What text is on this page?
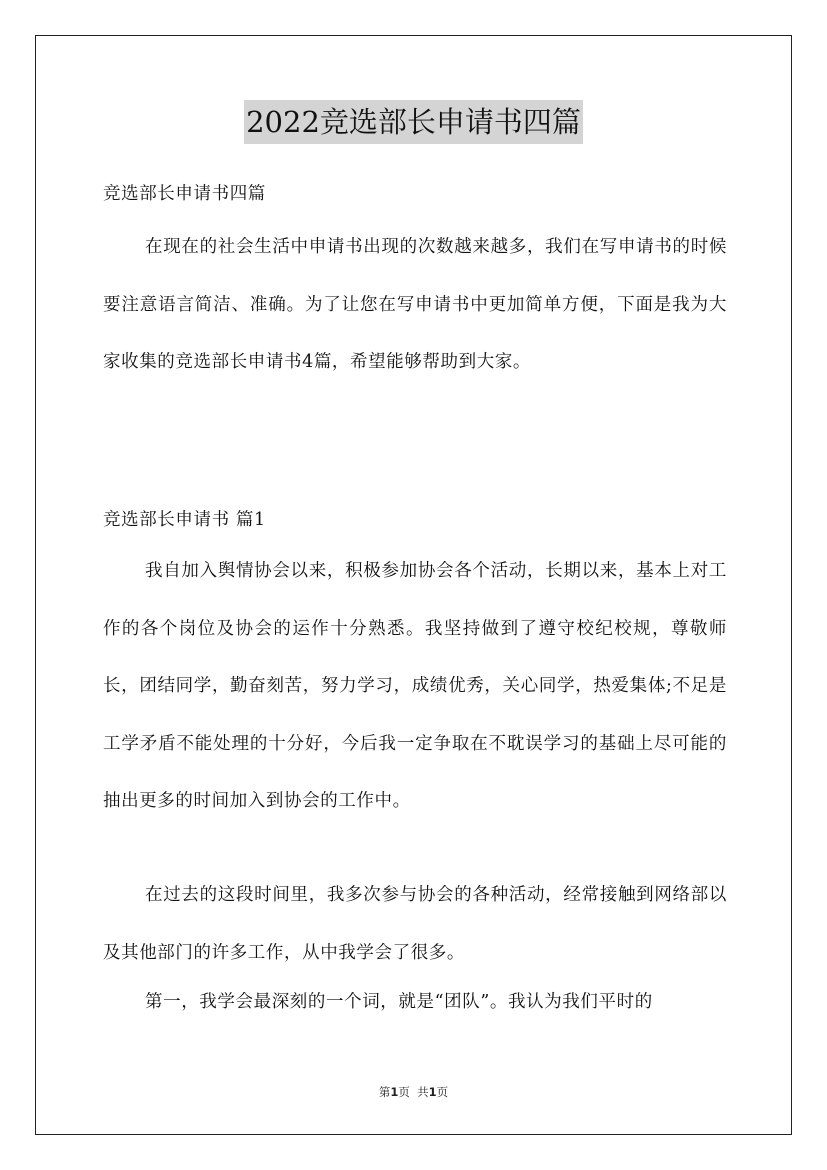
2022竞选部长申请书四篇

竞选部长申请书四篇

在现在的社会生活中申请书出现的次数越来越多，我们在写申请书的时候要注意语言简洁、准确。为了让您在写申请书中更加简单方便，下面是我为大家收集的竞选部长申请书4篇，希望能够帮助到大家。

竞选部长申请书 篇1

我自加入舆情协会以来，积极参加协会各个活动，长期以来，基本上对工作的各个岗位及协会的运作十分熟悉。我坚持做到了遵守校纪校规，尊敬师长，团结同学，勤奋刻苦，努力学习，成绩优秀，关心同学，热爱集体;不足是工学矛盾不能处理的十分好，今后我一定争取在不耽误学习的基础上尽可能的抽出更多的时间加入到协会的工作中。

在过去的这段时间里，我多次参与协会的各种活动，经常接触到网络部以及其他部门的许多工作，从中我学会了很多。

第一，我学会最深刻的一个词，就是“团队”。我认为我们平时的

第1页  共1页
